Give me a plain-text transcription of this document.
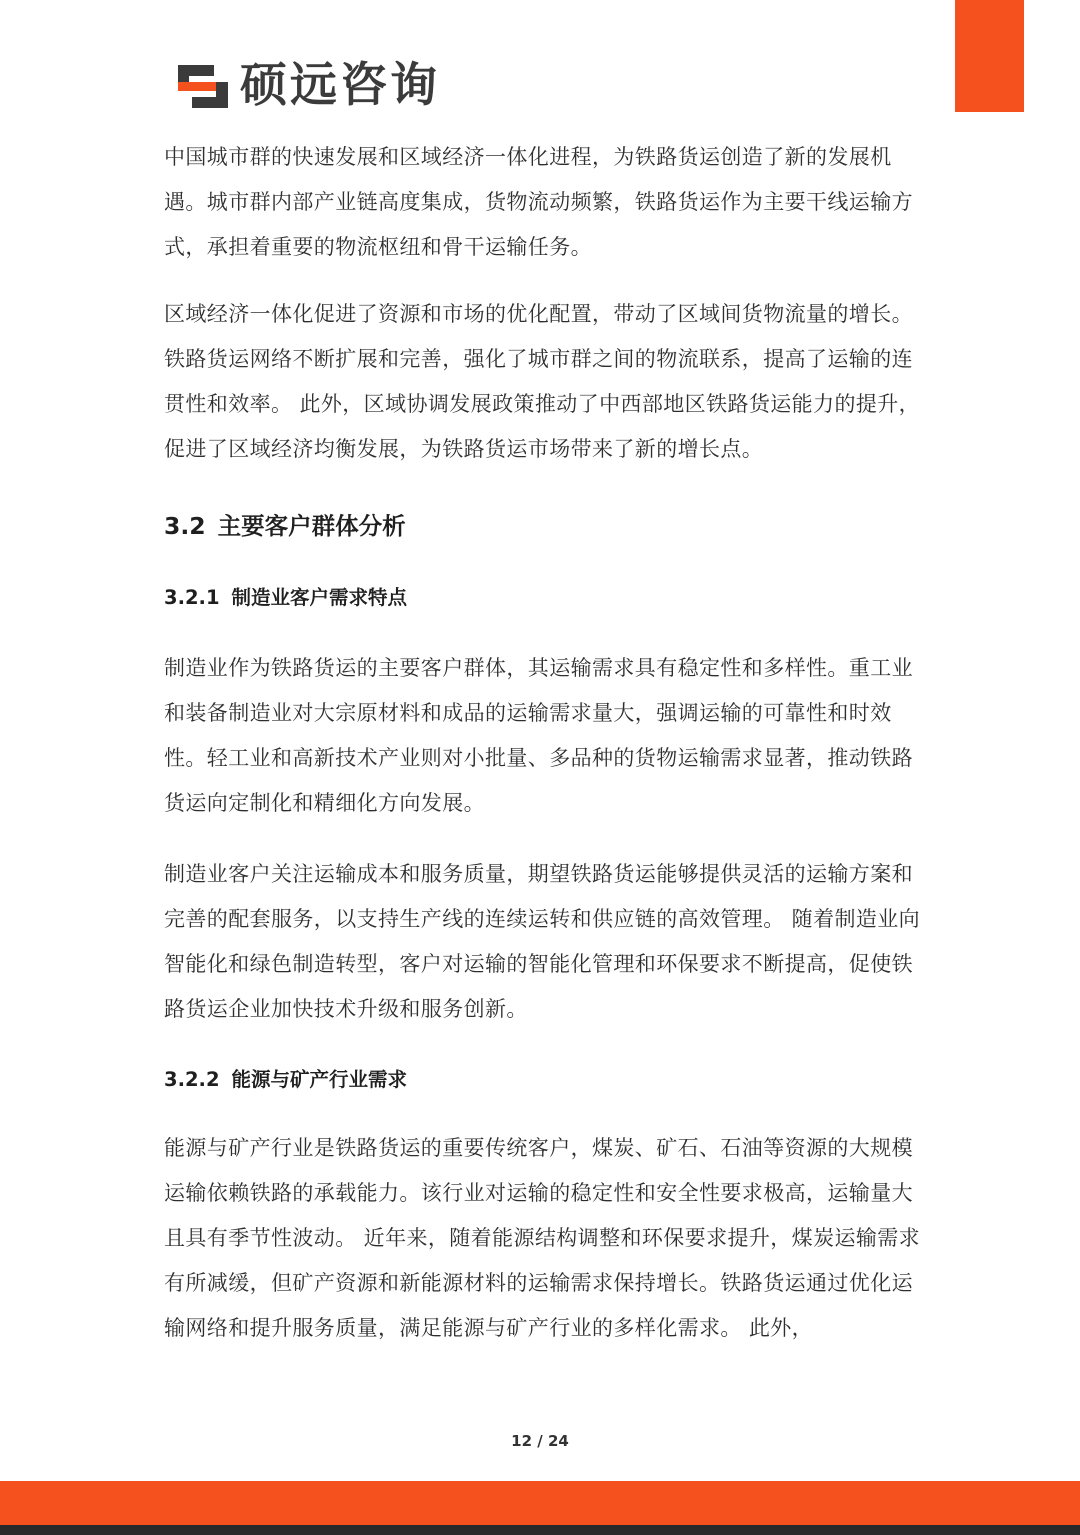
硕远咨询

中国城市群的快速发展和区域经济一体化进程，为铁路货运创造了新的发展机遇。城市群内部产业链高度集成，货物流动频繁，铁路货运作为主要干线运输方式，承担着重要的物流枢纽和骨干运输任务。

区域经济一体化促进了资源和市场的优化配置，带动了区域间货物流量的增长。铁路货运网络不断扩展和完善，强化了城市群之间的物流联系，提高了运输的连贯性和效率。 此外，区域协调发展政策推动了中西部地区铁路货运能力的提升，促进了区域经济均衡发展，为铁路货运市场带来了新的增长点。

3.2 主要客户群体分析
3.2.1 制造业客户需求特点

制造业作为铁路货运的主要客户群体，其运输需求具有稳定性和多样性。重工业和装备制造业对大宗原材料和成品的运输需求量大，强调运输的可靠性和时效性。轻工业和高新技术产业则对小批量、多品种的货物运输需求显著，推动铁路货运向定制化和精细化方向发展。

制造业客户关注运输成本和服务质量，期望铁路货运能够提供灵活的运输方案和完善的配套服务，以支持生产线的连续运转和供应链的高效管理。 随着制造业向智能化和绿色制造转型，客户对运输的智能化管理和环保要求不断提高，促使铁路货运企业加快技术升级和服务创新。

3.2.2 能源与矿产行业需求

能源与矿产行业是铁路货运的重要传统客户，煤炭、矿石、石油等资源的大规模运输依赖铁路的承载能力。该行业对运输的稳定性和安全性要求极高，运输量大且具有季节性波动。 近年来，随着能源结构调整和环保要求提升，煤炭运输需求有所减缓，但矿产资源和新能源材料的运输需求保持增长。铁路货运通过优化运输网络和提升服务质量，满足能源与矿产行业的多样化需求。 此外，

12 / 24
